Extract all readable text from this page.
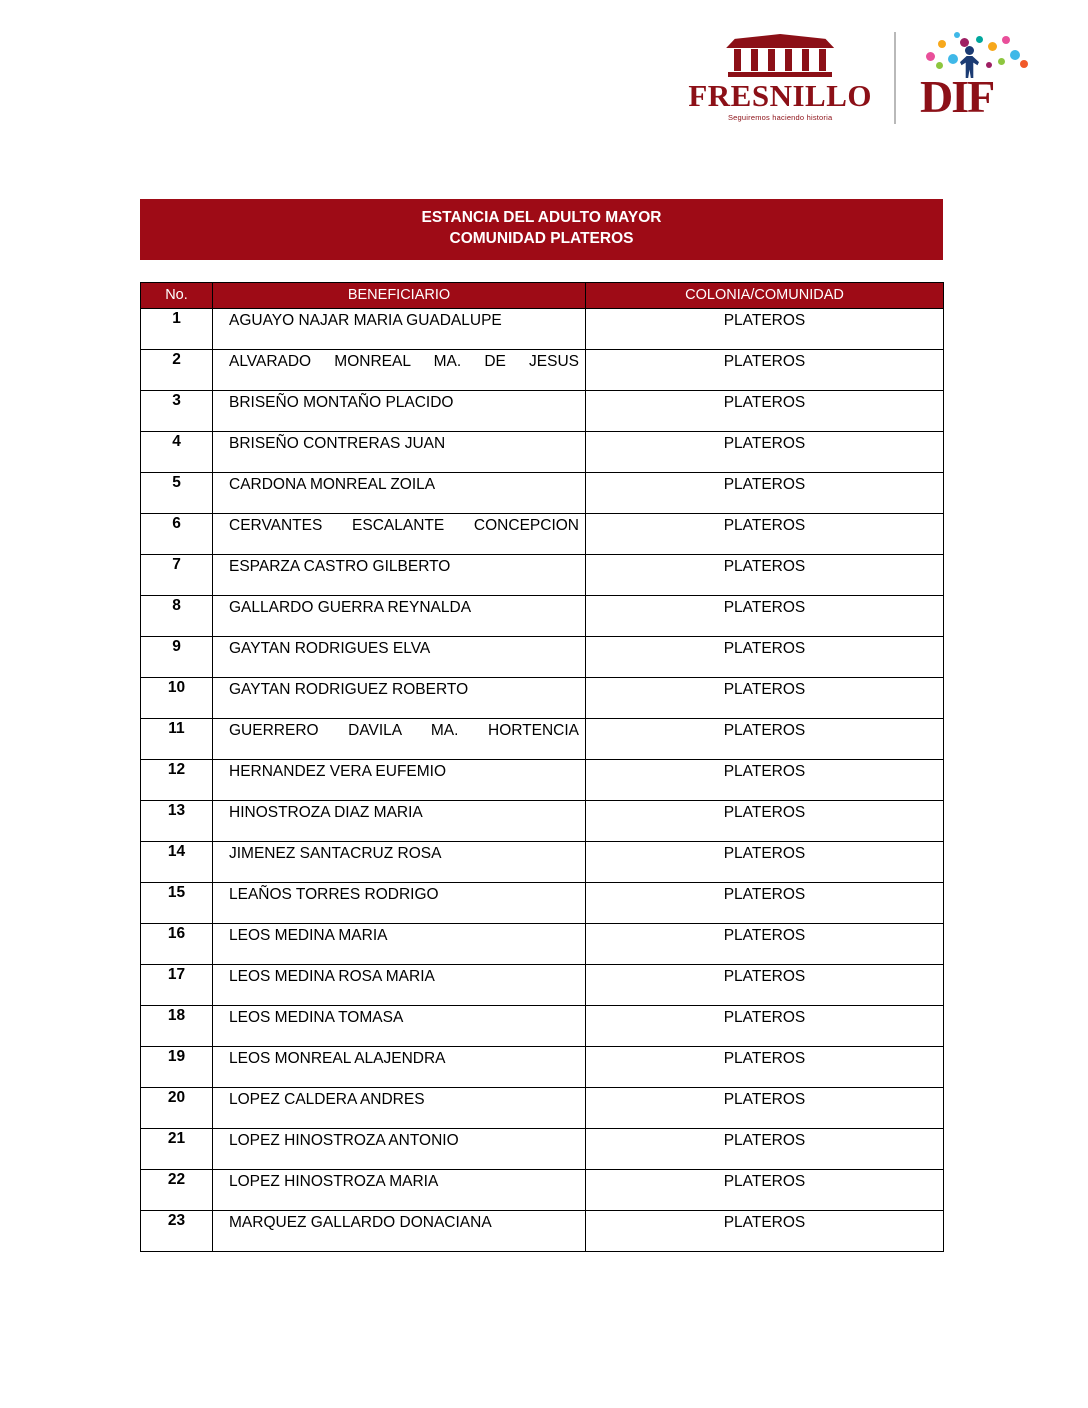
FRESNILLO
Seguiremos haciendo historia DIF
ESTANCIA DEL ADULTO MAYOR
COMUNIDAD PLATEROS
No.	BENEFICIARIO	COLONIA/COMUNIDAD
1	AGUAYO NAJAR MARIA GUADALUPE	PLATEROS
2	ALVARADO MONREAL MA. DE JESUS	PLATEROS
3	BRISEÑO MONTAÑO PLACIDO	PLATEROS
4	BRISEÑO CONTRERAS JUAN	PLATEROS
5	CARDONA MONREAL ZOILA	PLATEROS
6	CERVANTES ESCALANTE CONCEPCION	PLATEROS
7	ESPARZA CASTRO GILBERTO	PLATEROS
8	GALLARDO GUERRA REYNALDA	PLATEROS
9	GAYTAN RODRIGUES ELVA	PLATEROS
10	GAYTAN RODRIGUEZ ROBERTO	PLATEROS
11	GUERRERO DAVILA MA. HORTENCIA	PLATEROS
12	HERNANDEZ VERA EUFEMIO	PLATEROS
13	HINOSTROZA DIAZ MARIA	PLATEROS
14	JIMENEZ SANTACRUZ ROSA	PLATEROS
15	LEAÑOS TORRES RODRIGO	PLATEROS
16	LEOS MEDINA MARIA	PLATEROS
17	LEOS MEDINA ROSA MARIA	PLATEROS
18	LEOS MEDINA TOMASA	PLATEROS
19	LEOS MONREAL ALAJENDRA	PLATEROS
20	LOPEZ CALDERA ANDRES	PLATEROS
21	LOPEZ HINOSTROZA ANTONIO	PLATEROS
22	LOPEZ HINOSTROZA MARIA	PLATEROS
23	MARQUEZ GALLARDO DONACIANA	PLATEROS
